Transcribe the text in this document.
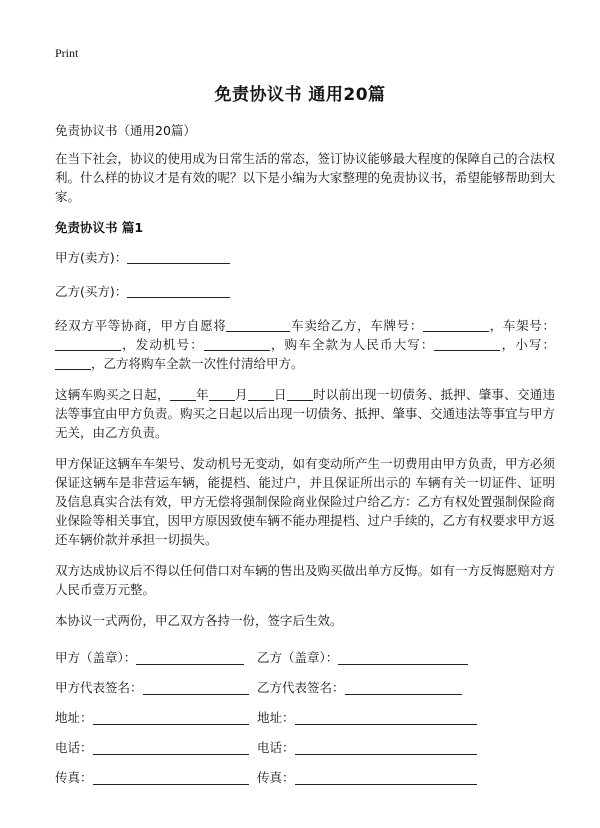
Print
免责协议书 通用20篇

免责协议书（通用20篇）

在当下社会，协议的使用成为日常生活的常态，签订协议能够最大程度的保障自己的合法权利。什么样的协议才是有效的呢？以下是小编为大家整理的免责协议书，希望能够帮助到大家。

免责协议书 篇1

甲方(卖方)：

乙方(买方)：

经双方平等协商，甲方自愿将	车卖给乙方，车牌号：	，车架号：，发动机号：	，购车全款为人民币大写：	，小写：，乙方将购车全款一次性付清给甲方。

这辆车购买之日起， 年 月 日 时以前出现一切债务、抵押、肇事、交通违法等事宜由甲方负责。购买之日起以后出现一切债务、抵押、肇事、交通违法等事宜与甲方无关，由乙方负责。

甲方保证这辆车车架号、发动机号无变动，如有变动所产生一切费用由甲方负责，甲方必须保证这辆车是非营运车辆，能提档、能过户，并且保证所出示的 车辆有关一切证件、证明及信息真实合法有效，甲方无偿将强制保险商业保险过户给乙方：乙方有权处置强制保险商业保险等相关事宜，因甲方原因致使车辆不能办理提档、过户手续的，乙方有权要求甲方返还车辆价款并承担一切损失。

双方达成协议后不得以任何借口对车辆的售出及购买做出单方反悔。如有一方反悔愿赔对方人民币壹万元整。

本协议一式两份，甲乙双方各持一份，签字后生效。

甲方（盖章）：	乙方（盖章）：
甲方代表签名：	乙方代表签名：
地址：	地址：
电话：	电话：
传真：	传真：
